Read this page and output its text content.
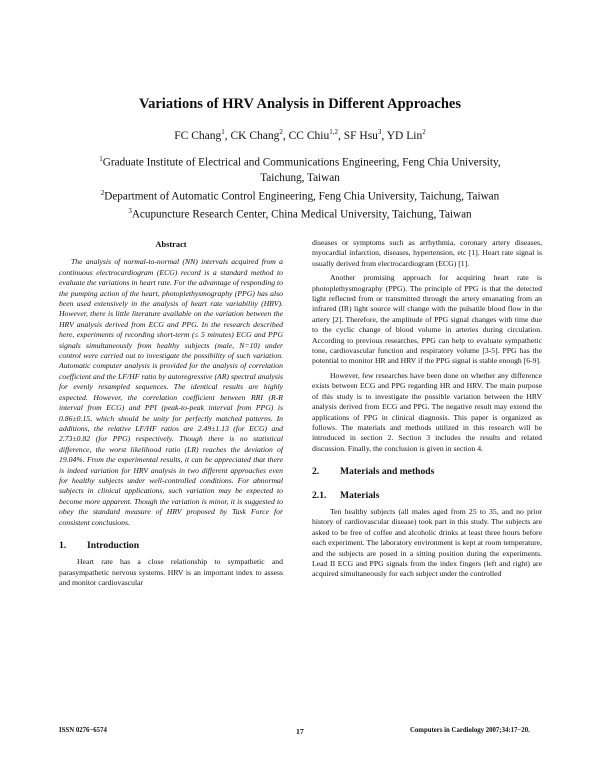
Variations of HRV Analysis in Different Approaches
FC Chang$^1$, CK Chang$^2$, CC Chiu$^{1,2}$, SF Hsu$^3$, YD Lin$^2$
$^1$Graduate Institute of Electrical and Communications Engineering, Feng Chia University, Taichung, Taiwan
$^2$Department of Automatic Control Engineering, Feng Chia University, Taichung, Taiwan
$^3$Acupuncture Research Center, China Medical University, Taichung, Taiwan
Abstract

The analysis of normal-to-normal (NN) intervals acquired from a continuous electrocardiogram (ECG) record is a standard method to evaluate the variations in heart rate. For the advantage of responding to the pumping action of the heart, photoplethysmography (PPG) has also been used extensively in the analysis of heart rate variability (HRV). However, there is little literature available on the variation between the HRV analysis derived from ECG and PPG. In the research described here, experiments of recording short-term (≤ 5 minutes) ECG and PPG signals simultaneously from healthy subjects (male, N=10) under control were carried out to investigate the possibility of such variation. Automatic computer analysis is provided for the analysis of correlation coefficient and the LF/HF ratio by autoregressive (AR) spectral analysis for evenly resampled sequences. The identical results are highly expected. However, the correlation coefficient between RRI (R-R interval from ECG) and PPI (peak-to-peak interval from PPG) is 0.86±0.15, which should be unity for perfectly matched patterns. In additions, the relative LF/HF ratios are 2.49±1.13 (for ECG) and 2.73±0.82 (for PPG) respectively. Though there is no statistical difference, the worst likelihood ratio (LR) reaches the deviation of 19.04%. From the experimental results, it can be appreciated that there is indeed variation for HRV analysis in two different approaches even for healthy subjects under well-controlled conditions. For abnormal subjects in clinical applications, such variation may be expected to become more apparent. Though the variation is minor, it is suggested to obey the standard measure of HRV proposed by Task Force for consistent conclusions.

1.	Introduction

Heart rate has a close relationship to sympathetic and parasympathetic nervous systems. HRV is an important index to assess and monitor cardiovascular

diseases or symptoms such as arrhythmia, coronary artery diseases, myocardial infarction, diseases, hypertension, etc [1]. Heart rate signal is usually derived from electrocardiogram (ECG) [1].

Another promising approach for acquiring heart rate is photoplethysmography (PPG). The principle of PPG is that the detected light reflected from or transmitted through the artery emanating from an infrared (IR) light source will change with the pulsatile blood flow in the artery [2]. Therefore, the amplitude of PPG signal changes with time due to the cyclic change of blood volume in arteries during circulation. According to previous researches, PPG can help to evaluate sympathetic tone, cardiovascular function and respiratory volume [3-5]. PPG has the potential to monitor HR and HRV if the PPG signal is stable enough [6-9].

However, few researches have been done on whether any difference exists between ECG and PPG regarding HR and HRV. The main purpose of this study is to investigate the possible variation between the HRV analysis derived from ECG and PPG. The negative result may extend the applications of PPG in clinical diagnosis. This paper is organized as follows. The materials and methods utilized in this research will be introduced in section 2. Section 3 includes the results and related discussion. Finally, the conclusion is given in section 4.

2.	Materials and methods
2.1.	Materials

Ten healthy subjects (all males aged from 25 to 35, and no prior history of cardiovascular disease) took part in this study. The subjects are asked to be free of coffee and alcoholic drinks at least three hours before each experiment. The laboratory environment is kept at room temperature, and the subjects are posed in a sitting position during the experiments. Lead II ECG and PPG signals from the index fingers (left and right) are acquired simultaneously for each subject under the controlled

ISSN 0276−6574	17	Computers in Cardiology 2007;34:17−20.
